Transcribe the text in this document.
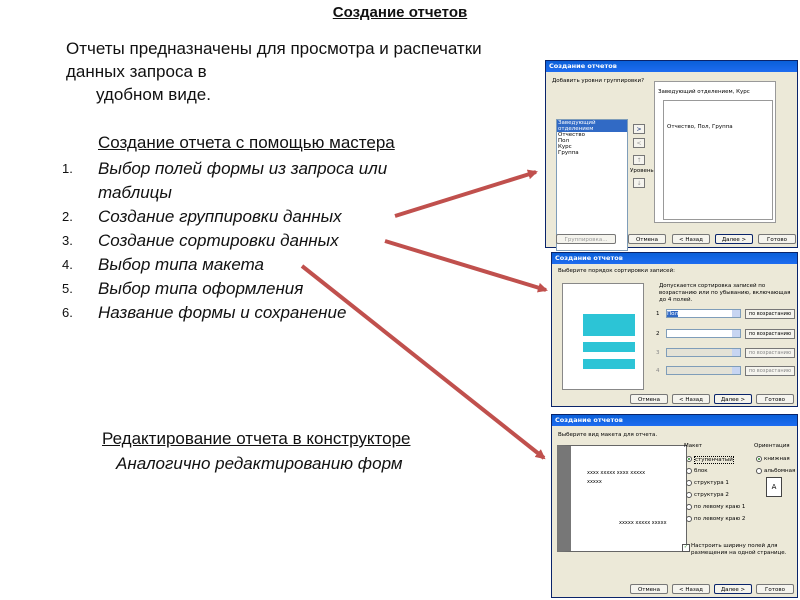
Создание отчетов
Отчеты предназначены для просмотра и распечатки данных запроса в
удобном виде.
Создание отчета с помощью мастера
1. Выбор полей формы из запроса или таблицы
2. Создание группировки данных
3. Создание сортировки данных
4. Выбор типа макета
5. Выбор типа оформления
6. Название формы и сохранение
Редактирование отчета в конструкторе
Аналогично редактированию форм
Создание отчетов
Добавить уровни группировки?
Заведующий отделением
Отчество
Пол
Курс
Группа
>
<
↑
Уровень
↓
Заведующий отделением, Курс
Отчество, Пол, Группа
Группировка...	Отмена	< Назад	Далее >	Готово
Создание отчетов
Выберите порядок сортировки записей:
Допускается сортировка записей по возрастанию или по убыванию, включающая до 4 полей.
1 Пол	по возрастанию
2	по возрастанию
3	по возрастанию
4	по возрастанию
Отмена	< Назад	Далее >	Готово
Создание отчетов
Выберите вид макета для отчета.
xxxx xxxxx xxxx xxxxx
xxxxx
xxxxx xxxxx xxxxx
Макет
ступенчатый
блок
структура 1
структура 2
по левому краю 1
по левому краю 2
Ориентация
книжная
альбомная
A
✓ Настроить ширину полей для размещения на одной странице.
Отмена	< Назад	Далее >	Готово
